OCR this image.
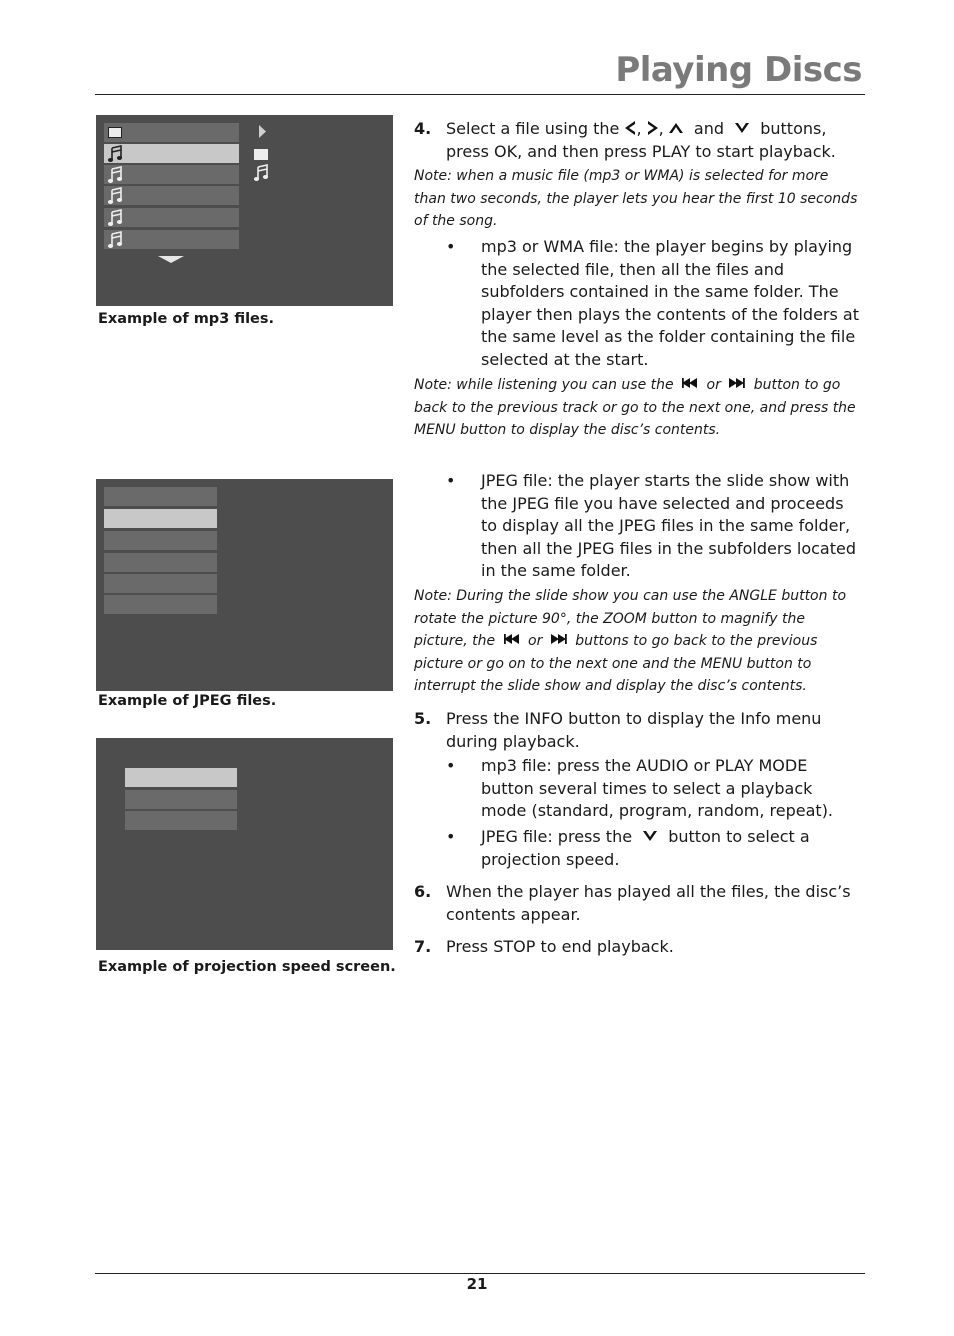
Playing Discs
Example of mp3 files.
Example of JPEG files.
Example of projection speed screen.
4. Select a file using the , , and buttons, press OK, and then press PLAY to start playback.
Note: when a music file (mp3 or WMA) is selected for more than two seconds, the player lets you hear the first 10 seconds of the song.
• mp3 or WMA file: the player begins by playing the selected file, then all the files and subfolders contained in the same folder. The player then plays the contents of the folders at the same level as the folder containing the file selected at the start.
Note: while listening you can use the or button to go back to the previous track or go to the next one, and press the MENU button to display the disc’s contents.
• JPEG file: the player starts the slide show with the JPEG file you have selected and proceeds to display all the JPEG files in the same folder, then all the JPEG files in the subfolders located in the same folder.
Note: During the slide show you can use the ANGLE button to rotate the picture 90°, the ZOOM button to magnify the picture, the or buttons to go back to the previous picture or go on to the next one and the MENU button to interrupt the slide show and display the disc’s contents.
5. Press the INFO button to display the Info menu during playback.
• mp3 file: press the AUDIO or PLAY MODE button several times to select a playback mode (standard, program, random, repeat).
• JPEG file: press the button to select a projection speed.
6. When the player has played all the files, the disc’s contents appear.
7. Press STOP to end playback.
21
